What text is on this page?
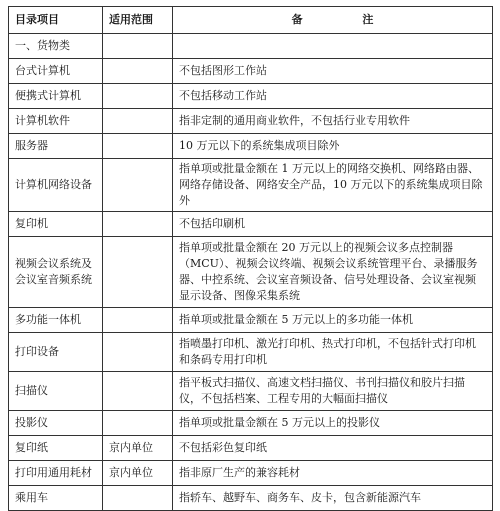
目录项目	适用范围	备 注
一、货物类		
台式计算机		不包括图形工作站
便携式计算机		不包括移动工作站
计算机软件		指非定制的通用商业软件，不包括行业专用软件
服务器		10 万元以下的系统集成项目除外
计算机网络设备		指单项或批量金额在 1 万元以上的网络交换机、网络路由器、网络存储设备、网络安全产品，10 万元以下的系统集成项目除外
复印机		不包括印刷机
视频会议系统及会议室音频系统		指单项或批量金额在 20 万元以上的视频会议多点控制器（MCU）、视频会议终端、视频会议系统管理平台、录播服务器、中控系统、会议室音频设备、信号处理设备、会议室视频显示设备、图像采集系统
多功能一体机		指单项或批量金额在 5 万元以上的多功能一体机
打印设备		指喷墨打印机、激光打印机、热式打印机，不包括针式打印机和条码专用打印机
扫描仪		指平板式扫描仪、高速文档扫描仪、书刊扫描仪和胶片扫描仪，不包括档案、工程专用的大幅面扫描仪
投影仪		指单项或批量金额在 5 万元以上的投影仪
复印纸	京内单位	不包括彩色复印纸
打印用通用耗材	京内单位	指非原厂生产的兼容耗材
乘用车		指轿车、越野车、商务车、皮卡，包含新能源汽车
